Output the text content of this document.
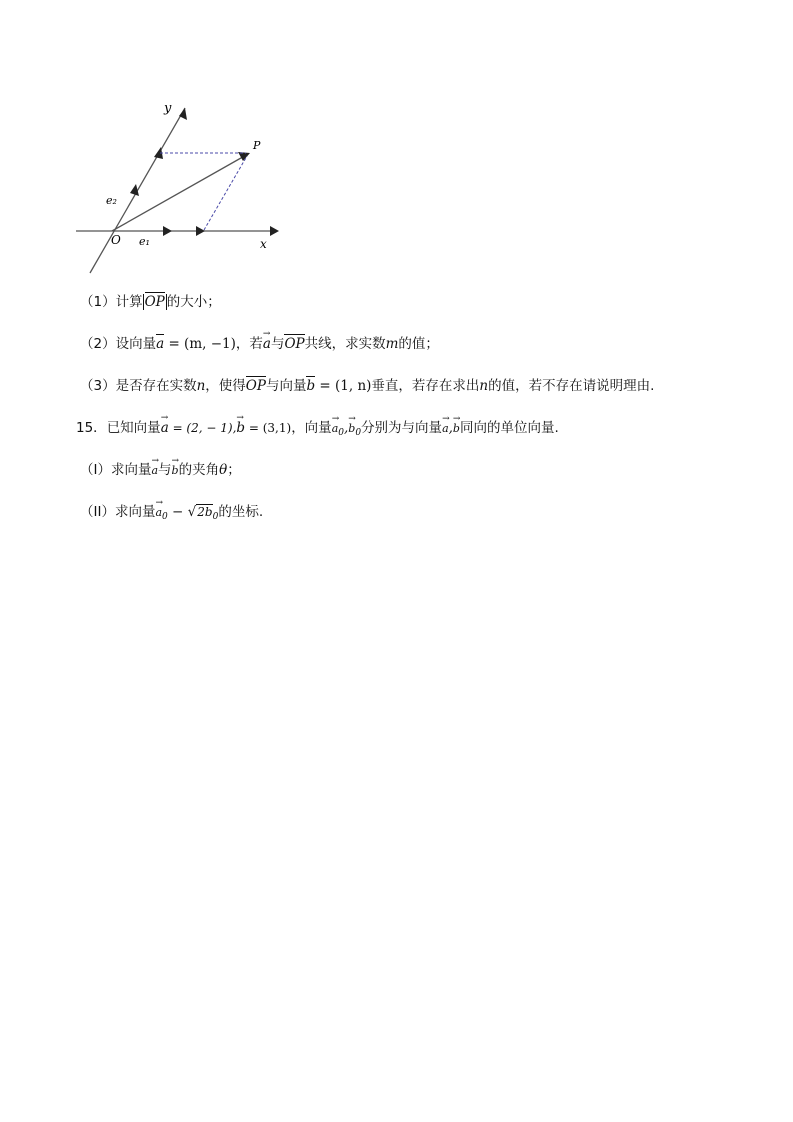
y
P
e₂
O e₁	x
（1）计算 OP 的大小；
（2）设向量a = (m, −1)，若a →与OP共线，求实数m的值；
（3）是否存在实数n，使得OP与向量b = (1, n)垂直，若存在求出n的值，若不存在请说明理由.
15．已知向量a → = (2, − 1),b → = (3,1)，向量$a \to_0,b \to_0$分别为与向量a →,b →同向的单位向量.
（I）求向量a →与b →的夹角θ；
（II）求向量$a \to_0 - √2b_0$的坐标.
